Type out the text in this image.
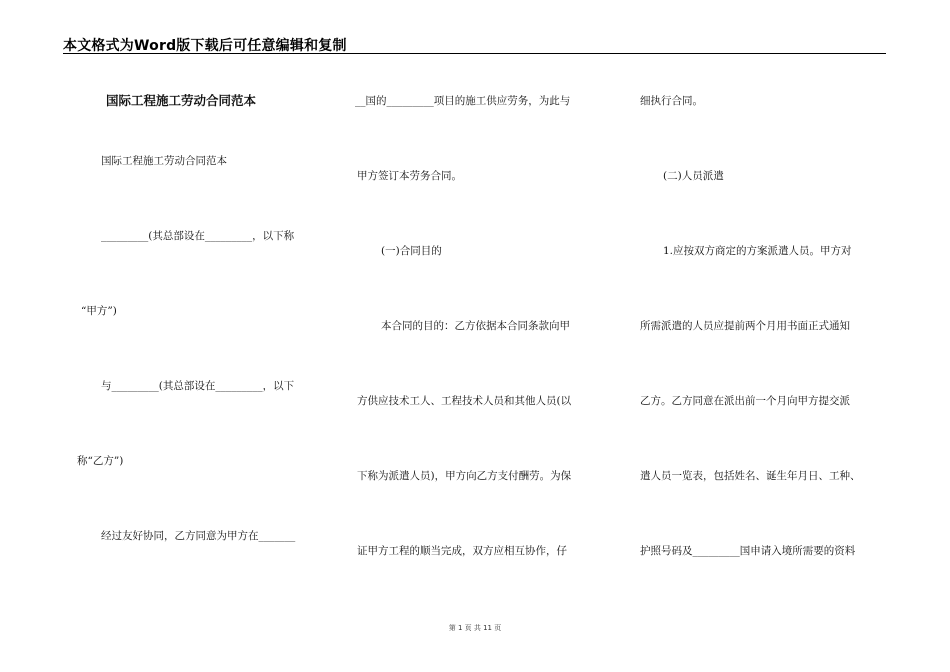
本文格式为Word版下载后可任意编辑和复制
国际工程施工劳动合同范本
国际工程施工劳动合同范本
_________(其总部设在_________，以下称
“甲方”)
与_________(其总部设在_________，以下
称“乙方”)
经过友好协同，乙方同意为甲方在_______
__国的_________项目的施工供应劳务，为此与
甲方签订本劳务合同。
(一)合同目的
本合同的目的：乙方依据本合同条款向甲
方供应技术工人、工程技术人员和其他人员(以
下称为派遣人员)，甲方向乙方支付酬劳。为保
证甲方工程的顺当完成，双方应相互协作，仔
细执行合同。
(二)人员派遣
1.应按双方商定的方案派遣人员。甲方对
所需派遣的人员应提前两个月用书面正式通知
乙方。乙方同意在派出前一个月向甲方提交派
遣人员一览表，包括姓名、诞生年月日、工种、
护照号码及_________国申请入境所需要的资料
第 1 页 共 11 页
